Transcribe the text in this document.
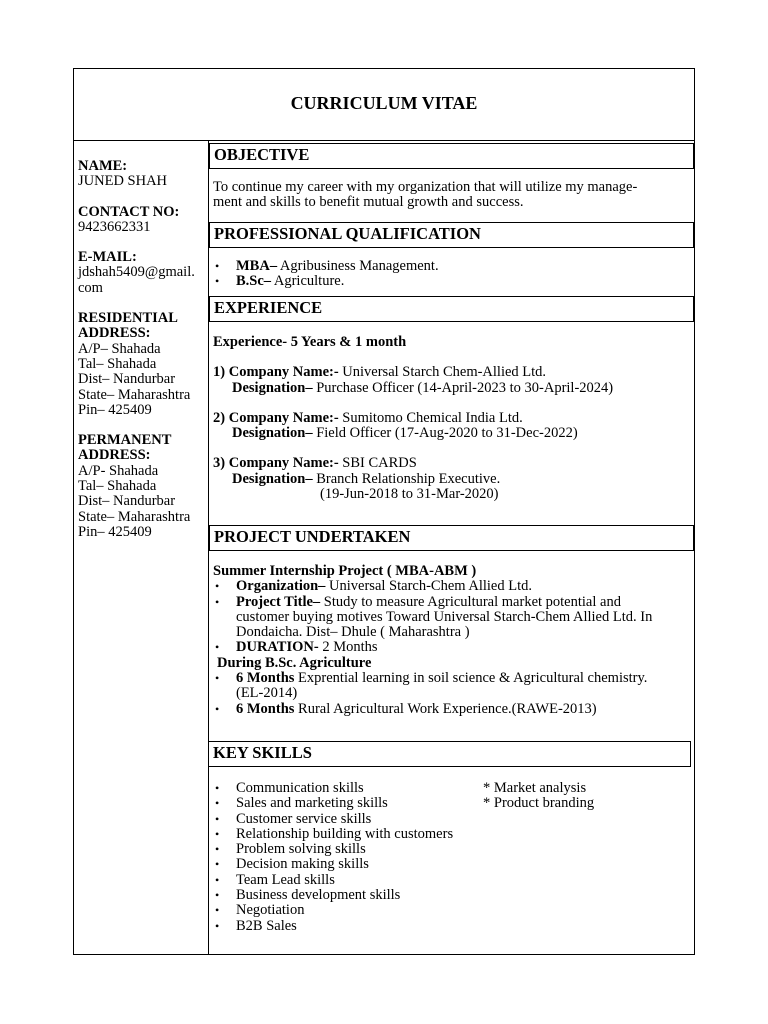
CURRICULUM VITAE
NAME:
JUNED SHAH
CONTACT NO:
9423662331
E-MAIL:
jdshah5409@gmail.
com
RESIDENTIAL
ADDRESS:
A/P– Shahada
Tal– Shahada
Dist– Nandurbar
State– Maharashtra
Pin– 425409
PERMANENT
ADDRESS:
A/P- Shahada
Tal– Shahada
Dist– Nandurbar
State– Maharashtra
Pin– 425409
OBJECTIVE
To continue my career with my organization that will utilize my manage-
ment and skills to benefit mutual growth and success.
PROFESSIONAL QUALIFICATION
• MBA– Agribusiness Management.
• B.Sc– Agriculture.
EXPERIENCE
Experience- 5 Years & 1 month
1) Company Name:- Universal Starch Chem-Allied Ltd.
Designation– Purchase Officer (14-April-2023 to 30-April-2024)
2) Company Name:- Sumitomo Chemical India Ltd.
Designation– Field Officer (17-Aug-2020 to 31-Dec-2022)
3) Company Name:- SBI CARDS
Designation– Branch Relationship Executive.
(19-Jun-2018 to 31-Mar-2020)
PROJECT UNDERTAKEN
Summer Internship Project ( MBA-ABM )
• Organization– Universal Starch-Chem Allied Ltd.
• Project Title– Study to measure Agricultural market potential and
customer buying motives Toward Universal Starch-Chem Allied Ltd. In
Dondaicha. Dist– Dhule ( Maharashtra )
• DURATION- 2 Months
During B.Sc. Agriculture
• 6 Months Exprential learning in soil science & Agricultural chemistry.
(EL-2014)
• 6 Months Rural Agricultural Work Experience.(RAWE-2013)
KEY SKILLS
• Communication skills
• Sales and marketing skills
• Customer service skills
• Relationship building with customers
• Problem solving skills
• Decision making skills
• Team Lead skills
• Business development skills
• Negotiation
• B2B Sales
* Market analysis
* Product branding
